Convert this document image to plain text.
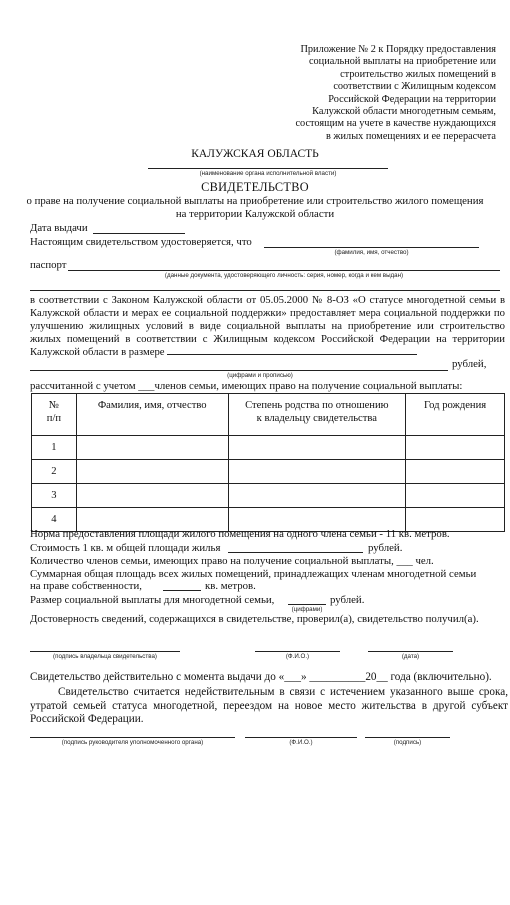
Приложение № 2 к Порядку предоставления
социальной выплаты на приобретение или
строительство жилых помещений в
соответствии с Жилищным кодексом
Российской Федерации на территории
Калужской области многодетным семьям,
состоящим на учете в качестве нуждающихся
в жилых помещениях и ее перерасчета
КАЛУЖСКАЯ ОБЛАСТЬ
(наименование органа исполнительной власти)
СВИДЕТЕЛЬСТВО
о праве на получение социальной выплаты на приобретение или строительство жилого помещения
на территории Калужской области
Дата выдачи
Настоящим свидетельством удостоверяется, что
(фамилия, имя, отчество)
паспорт
(данные документа, удостоверяющего личность: серия, номер, когда и кем выдан)
в соответствии с Законом Калужской области от 05.05.2000 № 8-ОЗ «О статусе многодетной семьи в Калужской области и мерах ее социальной поддержки» предоставляет мера социальной поддержки по улучшению жилищных условий в виде социальной выплаты на приобретение или строительство жилых помещений в соответствии с Жилищным кодексом Российской Федерации на территории Калужской области в размере
рублей,
(цифрами и прописью)
рассчитанной с учетом ___членов семьи, имеющих право на получение социальной выплаты:
№
п/п	Фамилия, имя, отчество	Степень родства по отношению
к владельцу свидетельства	Год рождения
1			
2			
3			
4			
Норма предоставления площади жилого помещения на одного члена семьи - 11 кв. метров.
Стоимость 1 кв. м общей площади жилья	рублей.
Количество членов семьи, имеющих право на получение социальной выплаты, ___ чел.
Суммарная общая площадь всех жилых помещений, принадлежащих членам многодетной семьи
на праве собственности,	кв. метров.
Размер социальной выплаты для многодетной семьи,	рублей.
(цифрами)
Достоверность сведений, содержащихся в свидетельстве, проверил(а), свидетельство получил(а).
(подпись владельца свидетельства)	(Ф.И.О.)	(дата)
Свидетельство действительно с момента выдачи до «___» __________20__ года (включительно).
Свидетельство считается недействительным в связи с истечением указанного выше срока, утратой семьей статуса многодетной, переездом на новое место жительства в другой субъект Российской Федерации.
(подпись руководителя уполномоченного органа)	(Ф.И.О.)	(подпись)
